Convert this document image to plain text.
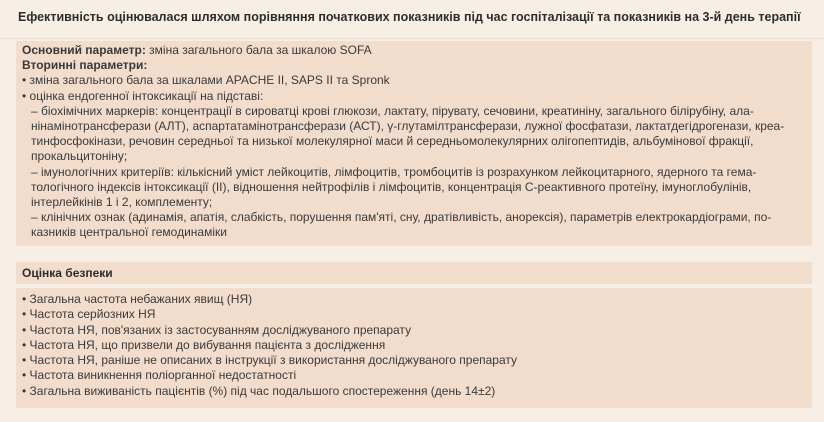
Ефективність оцінювалася шляхом порівняння початкових показників під час госпіталізації та показників на 3-й день терапії
Основний параметр: зміна загального бала за шкалою SOFA
Вторинні параметри:
• зміна загального бала за шкалами APACHE II, SAPS II та Spronk
• оцінка ендогенної інтоксикації на підставі:
– біохімічних маркерів: концентрації в сироватці крові глюкози, лактату, пірувату, сечовини, креатиніну, загального білірубіну, ала-
нінамінотрансферази (АЛТ), аспартатамінотрансферази (АСТ), γ-глутамілтрансферази, лужної фосфатази, лактатдегідрогенази, креа-
тинфосфокінази, речовин середньої та низької молекулярної маси й середньомолекулярних олігопептидів, альбумінової фракції,
прокальцитоніну;
– імунологічних критеріїв: кількісний уміст лейкоцитів, лімфоцитів, тромбоцитів із розрахунком лейкоцитарного, ядерного та гема-
тологічного індексів інтоксикації (ІІ), відношення нейтрофілів і лімфоцитів, концентрація С-реактивного протеїну, імуноглобулінів,
інтерлейкінів 1 і 2, комплементу;
– клінічних ознак (адинамія, апатія, слабкість, порушення пам'яті, сну, дратівливість, анорексія), параметрів електрокардіограми, по-
казників центральної гемодинаміки
Оцінка безпеки
• Загальна частота небажаних явищ (НЯ)
• Частота серйозних НЯ
• Частота НЯ, пов'язаних із застосуванням досліджуваного препарату
• Частота НЯ, що призвели до вибування пацієнта з дослідження
• Частота НЯ, раніше не описаних в інструкції з використання досліджуваного препарату
• Частота виникнення поліорганної недостатності
• Загальна виживаність пацієнтів (%) під час подальшого спостереження (день 14±2)
